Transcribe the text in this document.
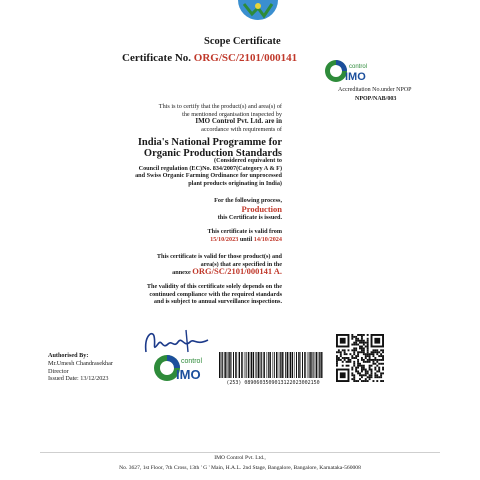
Scope Certificate
Certificate No. ORG/SC/2101/000141
control
IMO
Accreditation No.under NPOP
NPOP/NAB/003
This is to certify that the product(s) and area(s) of
the mentioned organisation inspected by
IMO Control Pvt. Ltd. are in
accordance with requirements of
India's National Programme for
Organic Production Standards
(Considered equivalent to
Council regulation (EC)No. 834/2007(Category A & F)
and Swiss Organic Farming Ordinance for unprocessed
plant products originating in India)
For the following process,
Production
this Certificate is issued.
This certificate is valid from
15/10/2023 until 14/10/2024
This certificate is valid for those product(s) and
area(s) that are specified in the
annexe ORG/SC/2101/000141 A.
The validity of this certificate solely depends on the
continued compliance with the required standards
and is subject to annual surveillance inspections.
control
IMO
Authorised By:
Mr.Umesh Chandrasekhar
Director
Issued Date: 13/12/2023
(253) 0890603509013122023002150
IMO Control Pvt. Ltd.,
No. 3627, 1st Floor, 7th Cross, 13th ' G ' Main, H.A.L. 2nd Stage, Bangalore, Bangalore, Karnataka-560008
